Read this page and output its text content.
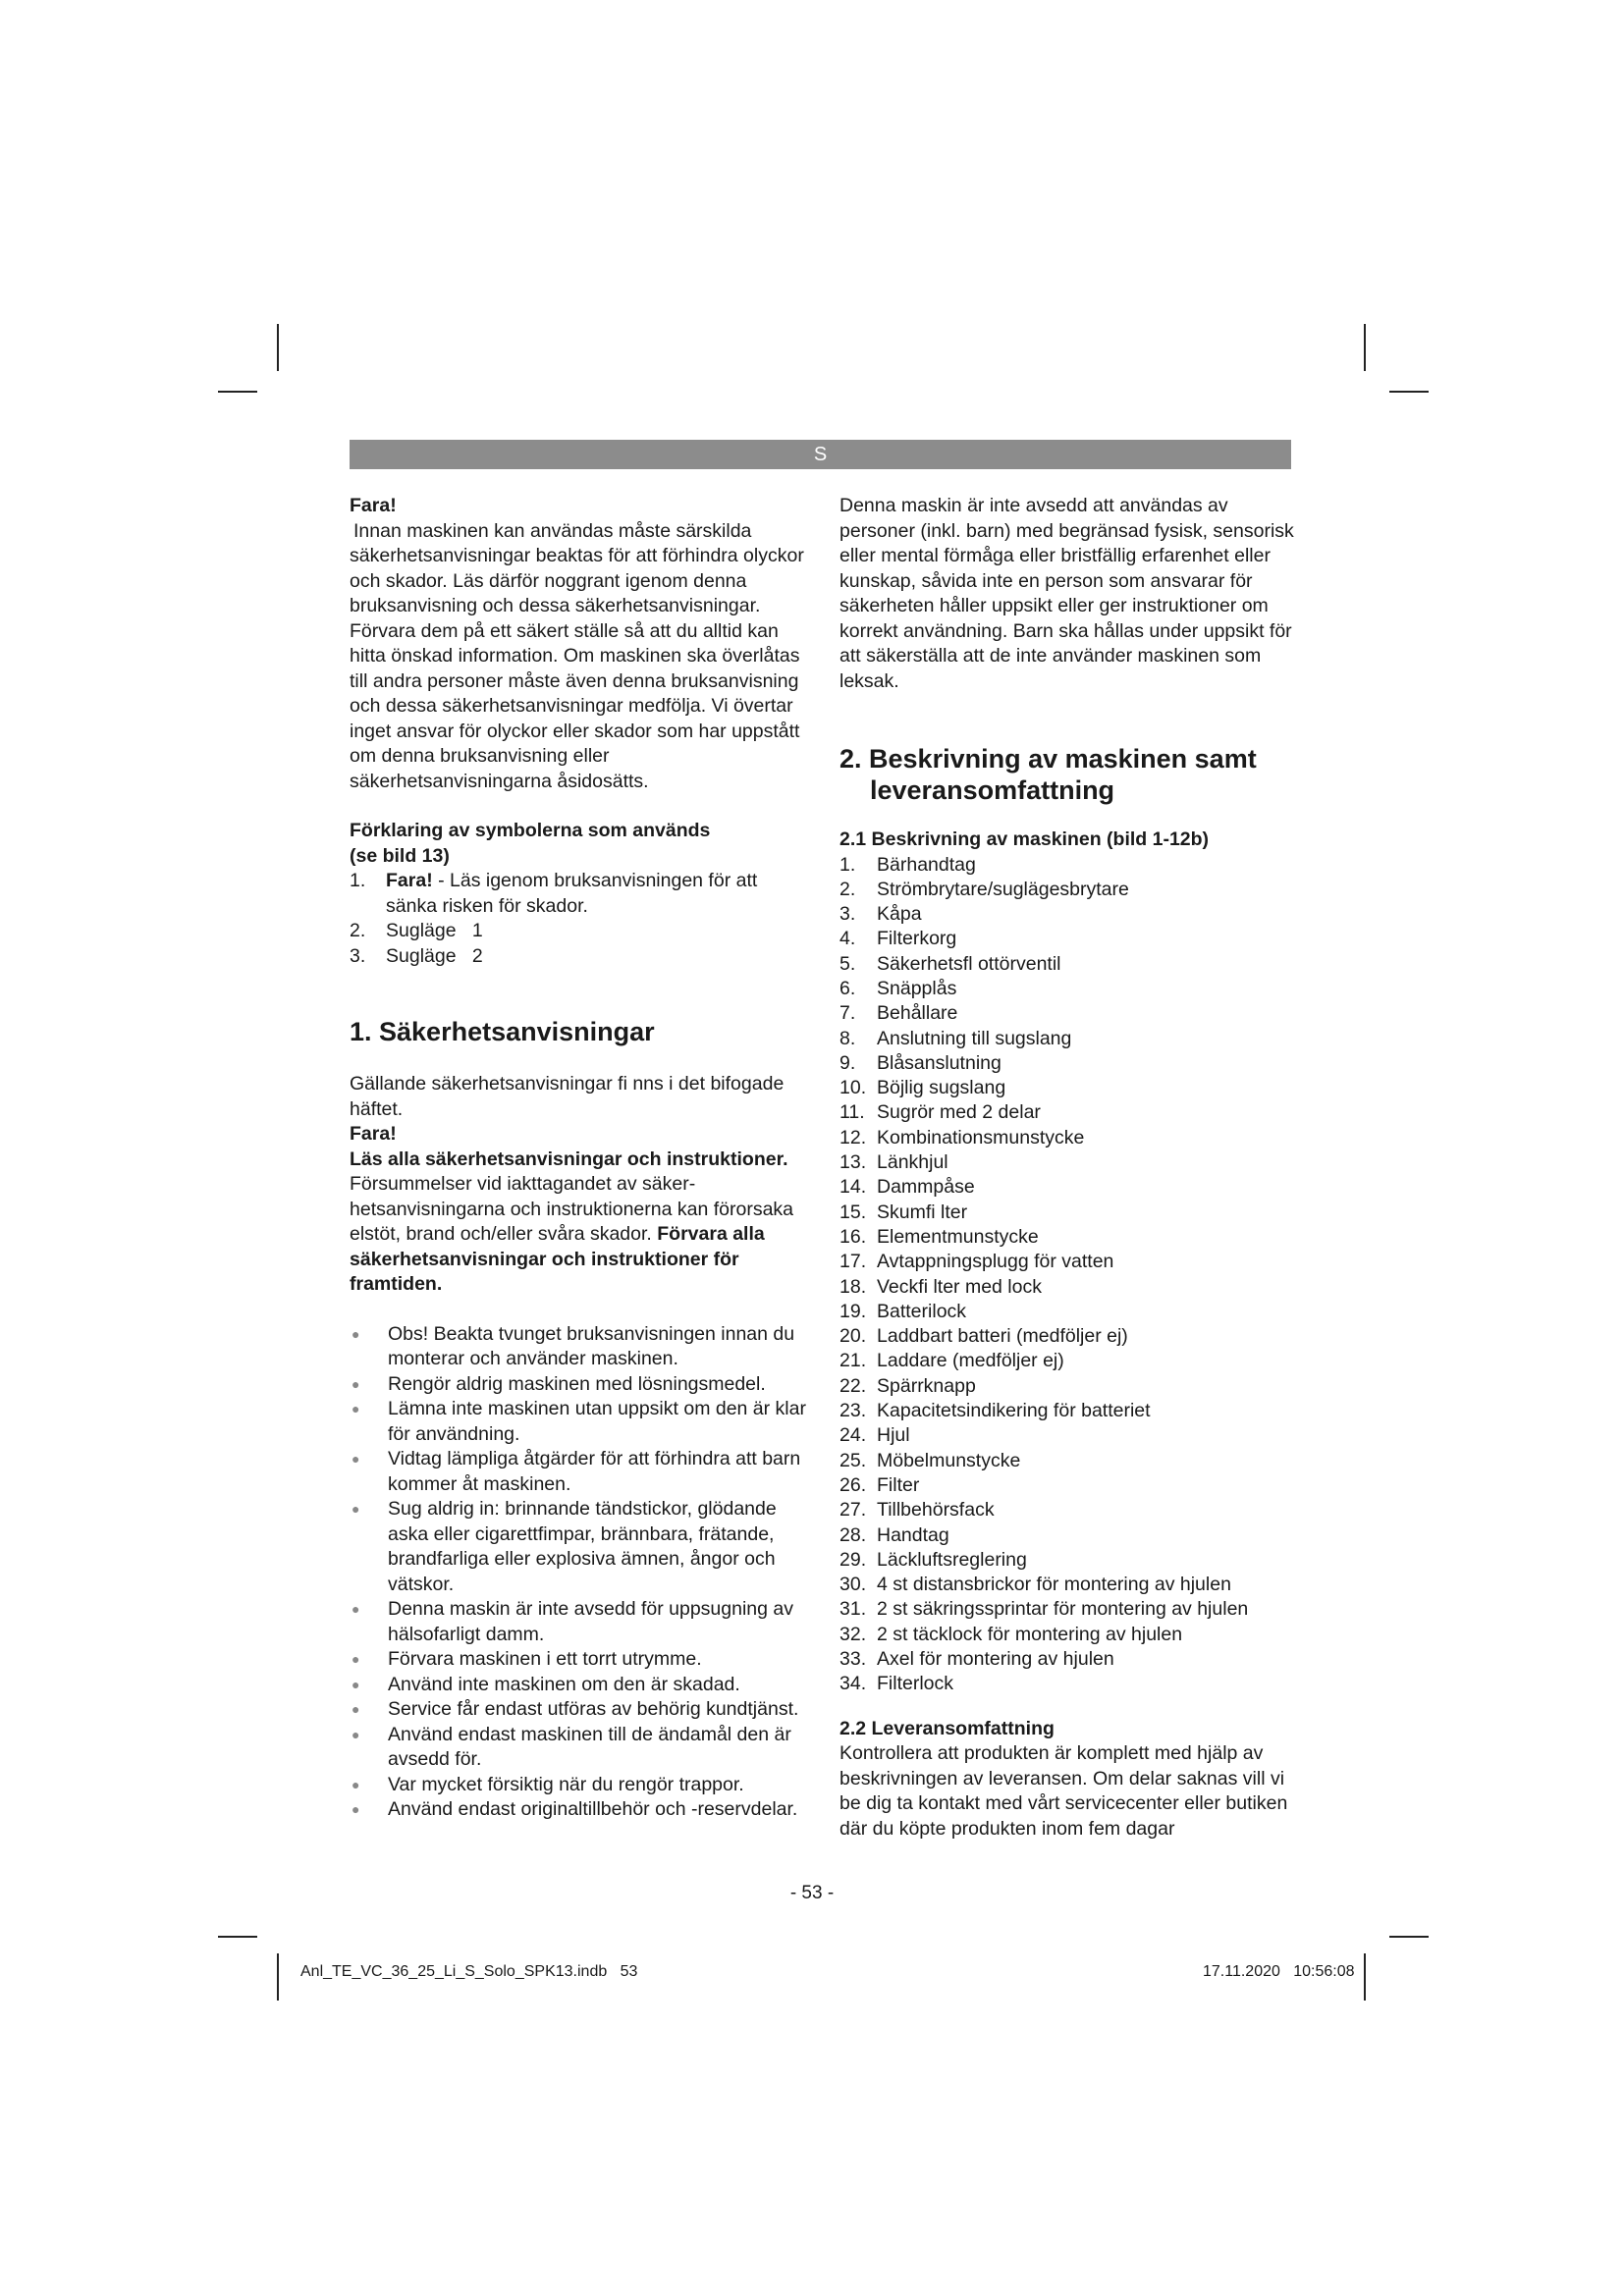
S

Fara!

Innan maskinen kan användas måste särskilda säkerhetsanvisningar beaktas för att förhindra olyckor och skador. Läs därför noggrant igenom denna bruksanvisning och dessa säkerhetsanvisningar. Förvara dem på ett säkert ställe så att du alltid kan hitta önskad information. Om maskinen ska överlåtas till andra personer måste även denna bruksanvisning och dessa säkerhetsanvisningar medfölja. Vi övertar inget ansvar för olyckor eller skador som har uppstått om denna bruksanvisning eller säkerhetsanvisningarna åsidosätts.

Förklaring av symbolerna som används
(se bild 13)

1.	Fara! - Läs igenom bruksanvisningen för att sänka risken för skador.
2.	Sugläge   1
3.	Sugläge   2

1. Säkerhetsanvisningar

Gällande säkerhetsanvisningar fi nns i det bifogade häftet.

Fara!

Läs alla säkerhetsanvisningar och instruktioner. Försummelser vid iakttagandet av säkerhetsanvisningarna och instruktionerna kan förorsaka elstöt, brand och/eller svåra skador. Förvara alla säkerhetsanvisningar och instruktioner för framtiden.

●	Obs! Beakta tvunget bruksanvisningen innan du monterar och använder maskinen.
●	Rengör aldrig maskinen med lösningsmedel.
●	Lämna inte maskinen utan uppsikt om den är klar för användning.
●	Vidtag lämpliga åtgärder för att förhindra att barn kommer åt maskinen.
●	Sug aldrig in: brinnande tändstickor, glödande aska eller cigarettfimpar, brännbara, frätande, brandfarliga eller explosiva ämnen, ångor och vätskor.
●	Denna maskin är inte avsedd för uppsugning av hälsofarligt damm.
●	Förvara maskinen i ett torrt utrymme.
●	Använd inte maskinen om den är skadad.
●	Service får endast utföras av behörig kundtjänst.
●	Använd endast maskinen till de ändamål den är avsedd för.
●	Var mycket försiktig när du rengör trappor.
●	Använd endast originaltillbehör och -reservdelar.

Denna maskin är inte avsedd att användas av personer (inkl. barn) med begränsad fysisk, sensorisk eller mental förmåga eller bristfällig erfarenhet eller kunskap, såvida inte en person som ansvarar för säkerheten håller uppsikt eller ger instruktioner om korrekt användning. Barn ska hållas under uppsikt för att säkerställa att de inte använder maskinen som leksak.

2. Beskrivning av maskinen samt
leveransomfattning

2.1 Beskrivning av maskinen (bild 1-12b)

1.	Bärhandtag
2.	Strömbrytare/suglägesbrytare
3.	Kåpa
4.	Filterkorg
5.	Säkerhetsfl ottörventil
6.	Snäpplås
7.	Behållare
8.	Anslutning till sugslang
9.	Blåsanslutning
10. Böjlig sugslang
11. Sugrör med 2 delar
12. Kombinationsmunstycke
13. Länkhjul
14. Dammpåse
15. Skumfi lter
16. Elementmunstycke
17. Avtappningsplugg för vatten
18. Veckfi lter med lock
19. Batterilock
20. Laddbart batteri (medföljer ej)
21. Laddare (medföljer ej)
22. Spärrknapp
23. Kapacitetsindikering för batteriet
24. Hjul
25. Möbelmunstycke
26. Filter
27. Tillbehörsfack
28. Handtag
29. Läckluftsreglering
30. 4 st distansbrickor för montering av hjulen
31. 2 st säkringssprintar för montering av hjulen
32. 2 st täcklock för montering av hjulen
33. Axel för montering av hjulen
34. Filterlock

2.2 Leveransomfattning

Kontrollera att produkten är komplett med hjälp av beskrivningen av leveransen. Om delar saknas vill vi be dig ta kontakt med vårt servicecenter eller butiken där du köpte produkten inom fem dagar

- 53 -
Anl_TE_VC_36_25_Li_S_Solo_SPK13.indb   53	17.11.2020   10:56:08
